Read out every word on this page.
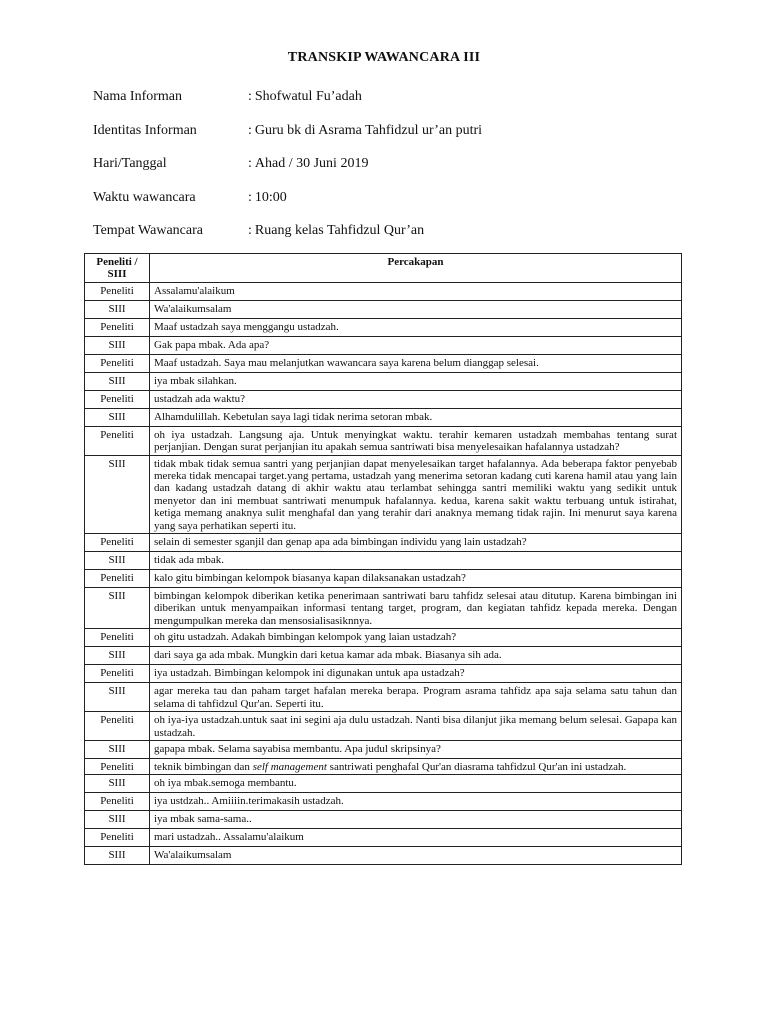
TRANSKIP WAWANCARA III
Nama Informan	: Shofwatul Fu’adah
Identitas Informan	: Guru bk di Asrama Tahfidzul ur’an putri
Hari/Tanggal	: Ahad / 30 Juni 2019
Waktu wawancara	: 10:00
Tempat Wawancara	: Ruang kelas Tahfidzul Qur’an
Peneliti / SIII	Percakapan
Peneliti	Assalamu'alaikum
SIII	Wa'alaikumsalam
Peneliti	Maaf ustadzah saya menggangu ustadzah.
SIII	Gak papa mbak. Ada apa?
Peneliti	Maaf ustadzah. Saya mau melanjutkan wawancara saya karena belum dianggap selesai.
SIII	iya mbak silahkan.
Peneliti	ustadzah ada waktu?
SIII	Alhamdulillah. Kebetulan saya lagi tidak nerima setoran mbak.
Peneliti	oh iya ustadzah. Langsung aja. Untuk menyingkat waktu. terahir kemaren ustadzah membahas tentang surat perjanjian. Dengan surat perjanjian itu apakah semua santriwati bisa menyelesaikan hafalannya ustadzah?
SIII	tidak mbak tidak semua santri yang perjanjian dapat menyelesaikan target hafalannya. Ada beberapa faktor penyebab mereka tidak mencapai target.yang pertama, ustadzah yang menerima setoran kadang cuti karena hamil atau yang lain dan kadang ustadzah datang di akhir waktu atau terlambat sehingga santri memiliki waktu yang sedikit untuk menyetor dan ini membuat santriwati menumpuk hafalannya. kedua, karena sakit waktu terbuang untuk istirahat, ketiga memang anaknya sulit menghafal dan yang terahir dari anaknya memang tidak rajin. Ini menurut saya karena yang saya perhatikan seperti itu.
Peneliti	selain di semester sganjil dan genap apa ada bimbingan individu yang lain ustadzah?
SIII	tidak ada mbak.
Peneliti	kalo gitu bimbingan kelompok biasanya kapan dilaksanakan ustadzah?
SIII	bimbingan kelompok diberikan ketika penerimaan santriwati baru tahfidz selesai atau ditutup. Karena bimbingan ini diberikan untuk menyampaikan informasi tentang target, program, dan kegiatan tahfidz kepada mereka. Dengan mengumpulkan mereka dan mensosialisasiknnya.
Peneliti	oh gitu ustadzah. Adakah bimbingan kelompok yang laian ustadzah?
SIII	dari saya ga ada mbak. Mungkin dari ketua kamar ada mbak. Biasanya sih ada.
Peneliti	iya ustadzah. Bimbingan kelompok ini digunakan untuk apa ustadzah?
SIII	agar mereka tau dan paham target hafalan mereka berapa. Program asrama tahfidz apa saja selama satu tahun dan selama di tahfidzul Qur'an. Seperti itu.
Peneliti	oh iya-iya ustadzah.untuk saat ini segini aja dulu ustadzah. Nanti bisa dilanjut jika memang belum selesai. Gapapa kan ustadzah.
SIII	gapapa mbak. Selama sayabisa membantu. Apa judul skripsinya?
Peneliti	teknik bimbingan dan self management santriwati penghafal Qur'an diasrama tahfidzul Qur'an ini ustadzah.
SIII	oh iya mbak.semoga membantu.
Peneliti	iya ustdzah.. Amiiiin.terimakasih ustadzah.
SIII	iya mbak sama-sama..
Peneliti	mari ustadzah.. Assalamu'alaikum
SIII	Wa'alaikumsalam
